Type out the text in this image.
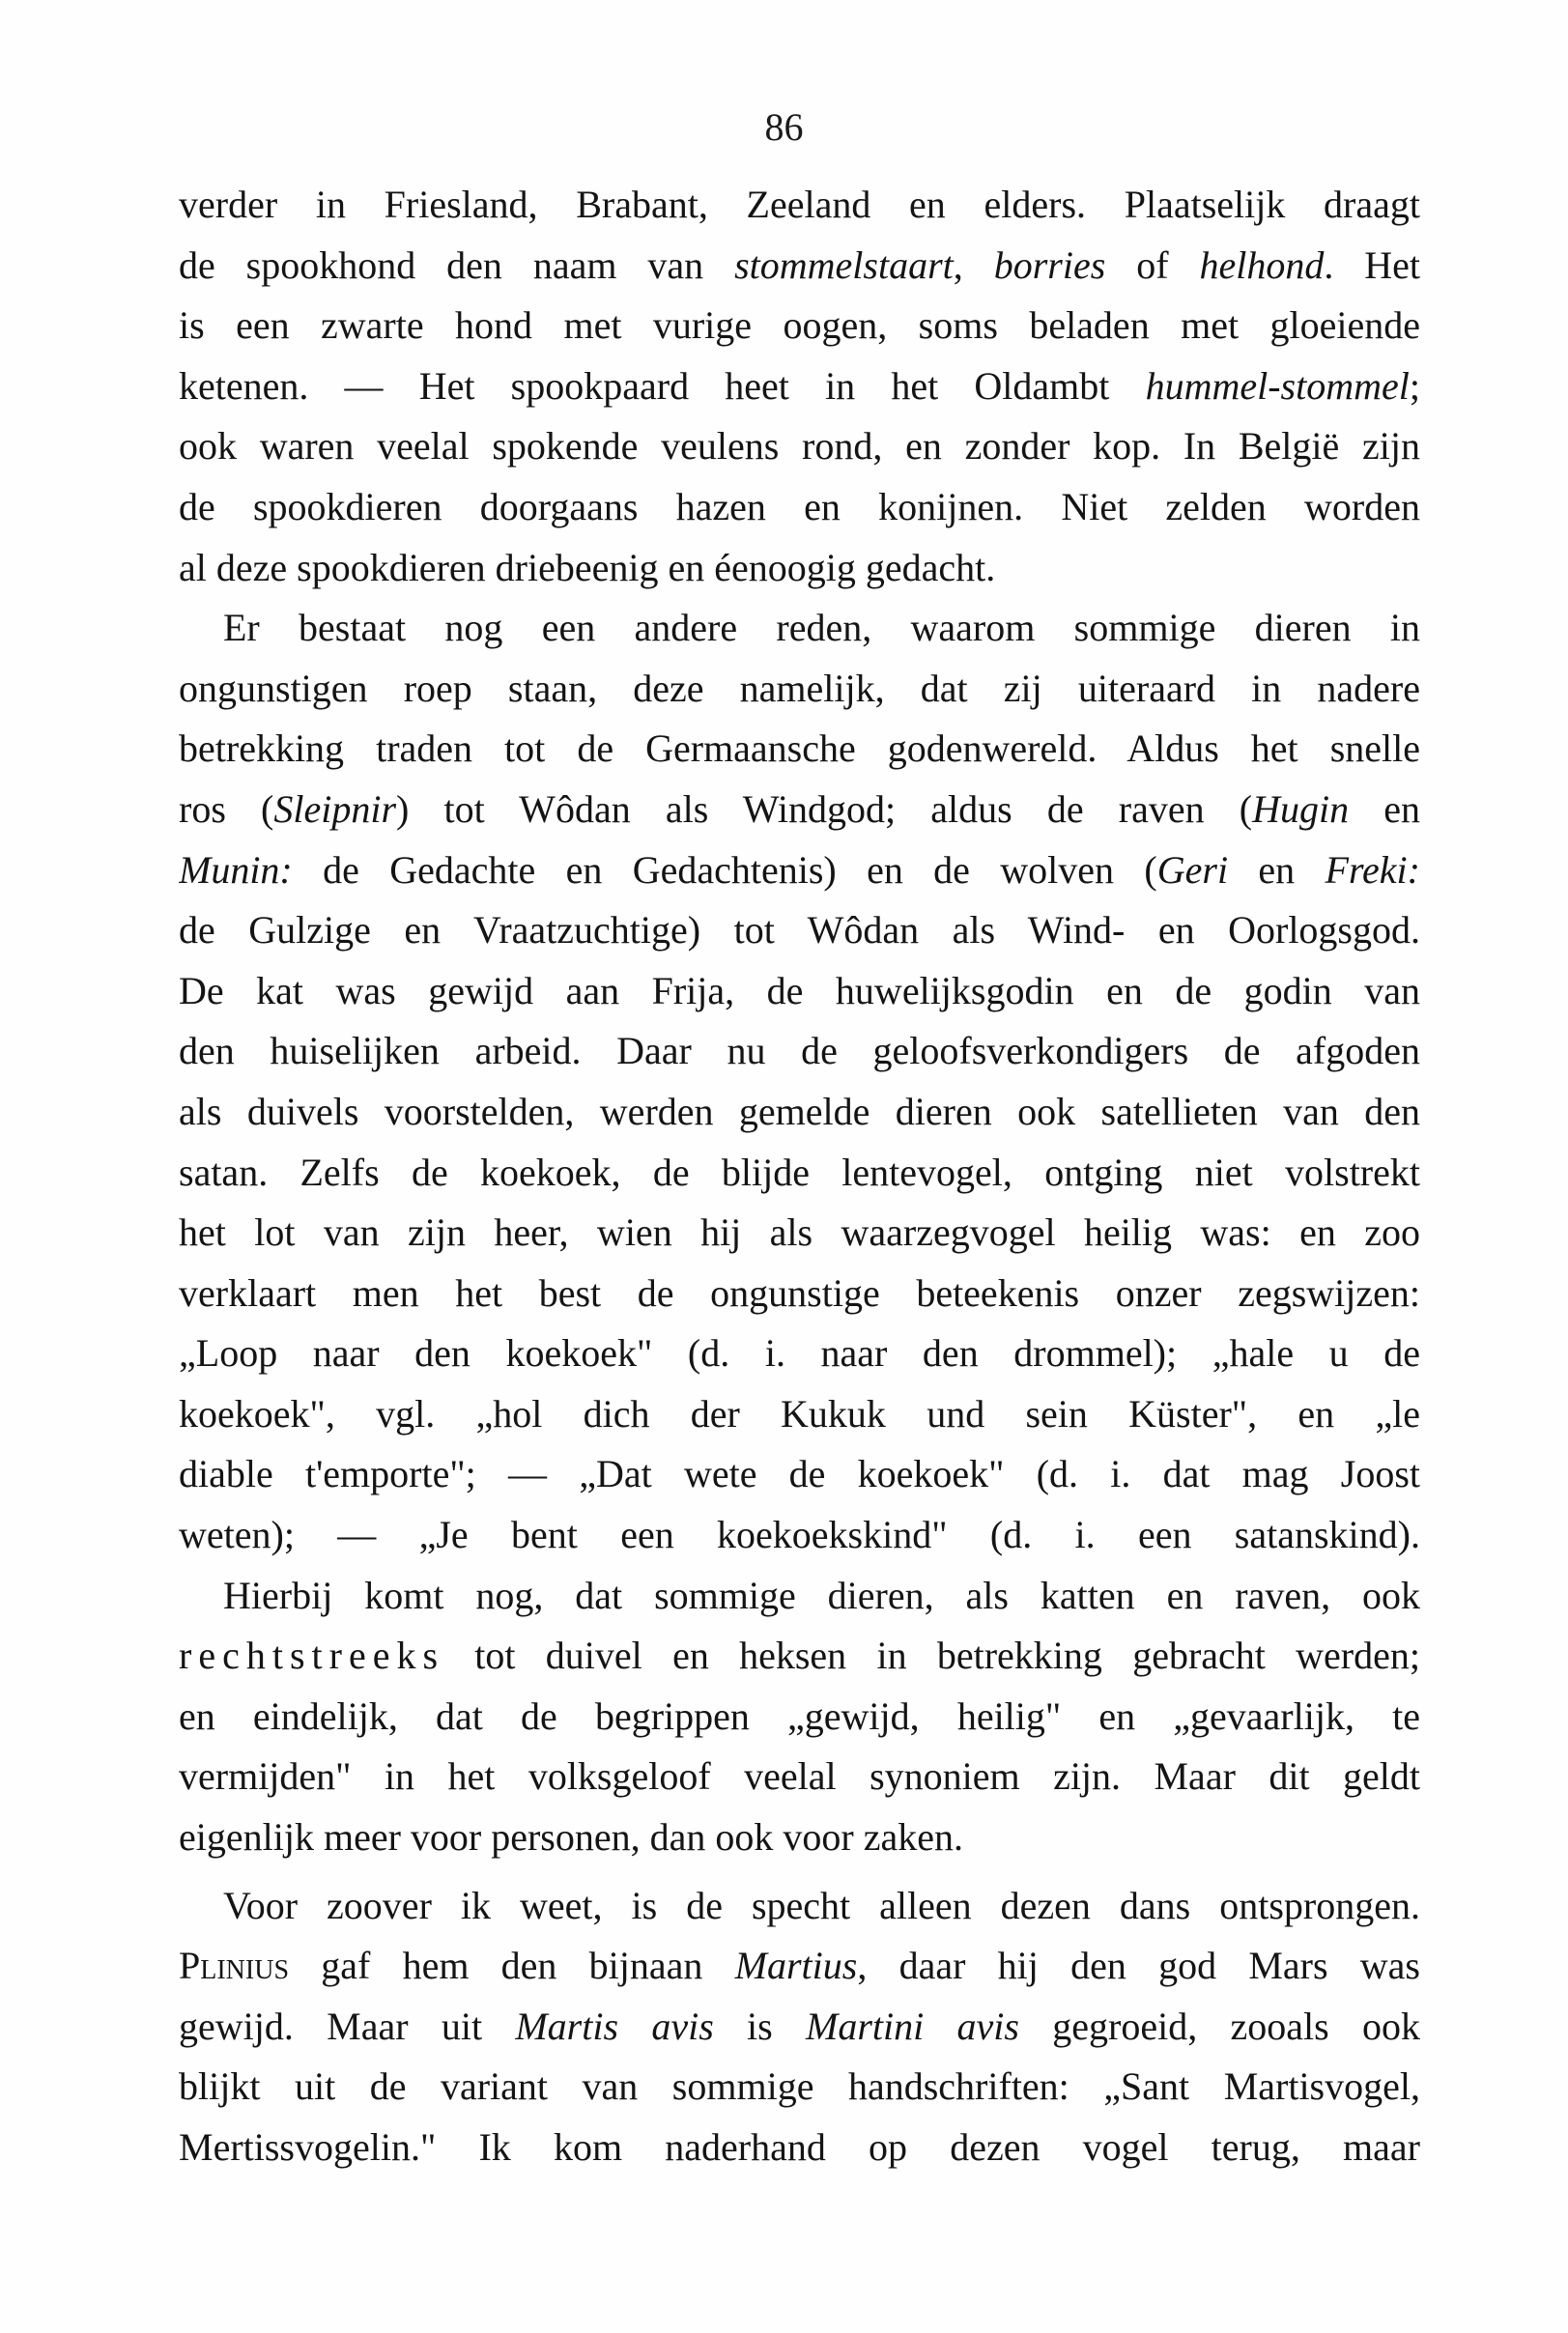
86
verder in Friesland, Brabant, Zeeland en elders. Plaatselijk draagt
de spookhond den naam van stommelstaart, borries of helhond. Het
is een zwarte hond met vurige oogen, soms beladen met gloeiende
ketenen. — Het spookpaard heet in het Oldambt hummel-stommel;
ook waren veelal spokende veulens rond, en zonder kop. In België zijn
de spookdieren doorgaans hazen en konijnen. Niet zelden worden
al deze spookdieren driebeenig en éenoogig gedacht.
Er bestaat nog een andere reden, waarom sommige dieren in
ongunstigen roep staan, deze namelijk, dat zij uiteraard in nadere
betrekking traden tot de Germaansche godenwereld. Aldus het snelle
ros (Sleipnir) tot Wôdan als Windgod; aldus de raven (Hugin en
Munin: de Gedachte en Gedachtenis) en de wolven (Geri en Freki:
de Gulzige en Vraatzuchtige) tot Wôdan als Wind- en Oorlogsgod.
De kat was gewijd aan Frija, de huwelijksgodin en de godin van
den huiselijken arbeid. Daar nu de geloofsverkondigers de afgoden
als duivels voorstelden, werden gemelde dieren ook satellieten van den
satan. Zelfs de koekoek, de blijde lentevogel, ontging niet volstrekt
het lot van zijn heer, wien hij als waarzegvogel heilig was: en zoo
verklaart men het best de ongunstige beteekenis onzer zegswijzen:
„Loop naar den koekoek" (d. i. naar den drommel); „hale u de
koekoek", vgl. „hol dich der Kukuk und sein Küster", en „le
diable t'emporte"; — „Dat wete de koekoek" (d. i. dat mag Joost
weten); — „Je bent een koekoekskind" (d. i. een satanskind).
Hierbij komt nog, dat sommige dieren, als katten en raven, ook
rechtstreeks tot duivel en heksen in betrekking gebracht werden;
en eindelijk, dat de begrippen „gewijd, heilig" en „gevaarlijk, te
vermijden" in het volksgeloof veelal synoniem zijn. Maar dit geldt
eigenlijk meer voor personen, dan ook voor zaken.
Voor zoover ik weet, is de specht alleen dezen dans ontsprongen.
Plinius gaf hem den bijnaan Martius, daar hij den god Mars was
gewijd. Maar uit Martis avis is Martini avis gegroeid, zooals ook
blijkt uit de variant van sommige handschriften: „Sant Martisvogel,
Mertissvogelin." Ik kom naderhand op dezen vogel terug, maar
